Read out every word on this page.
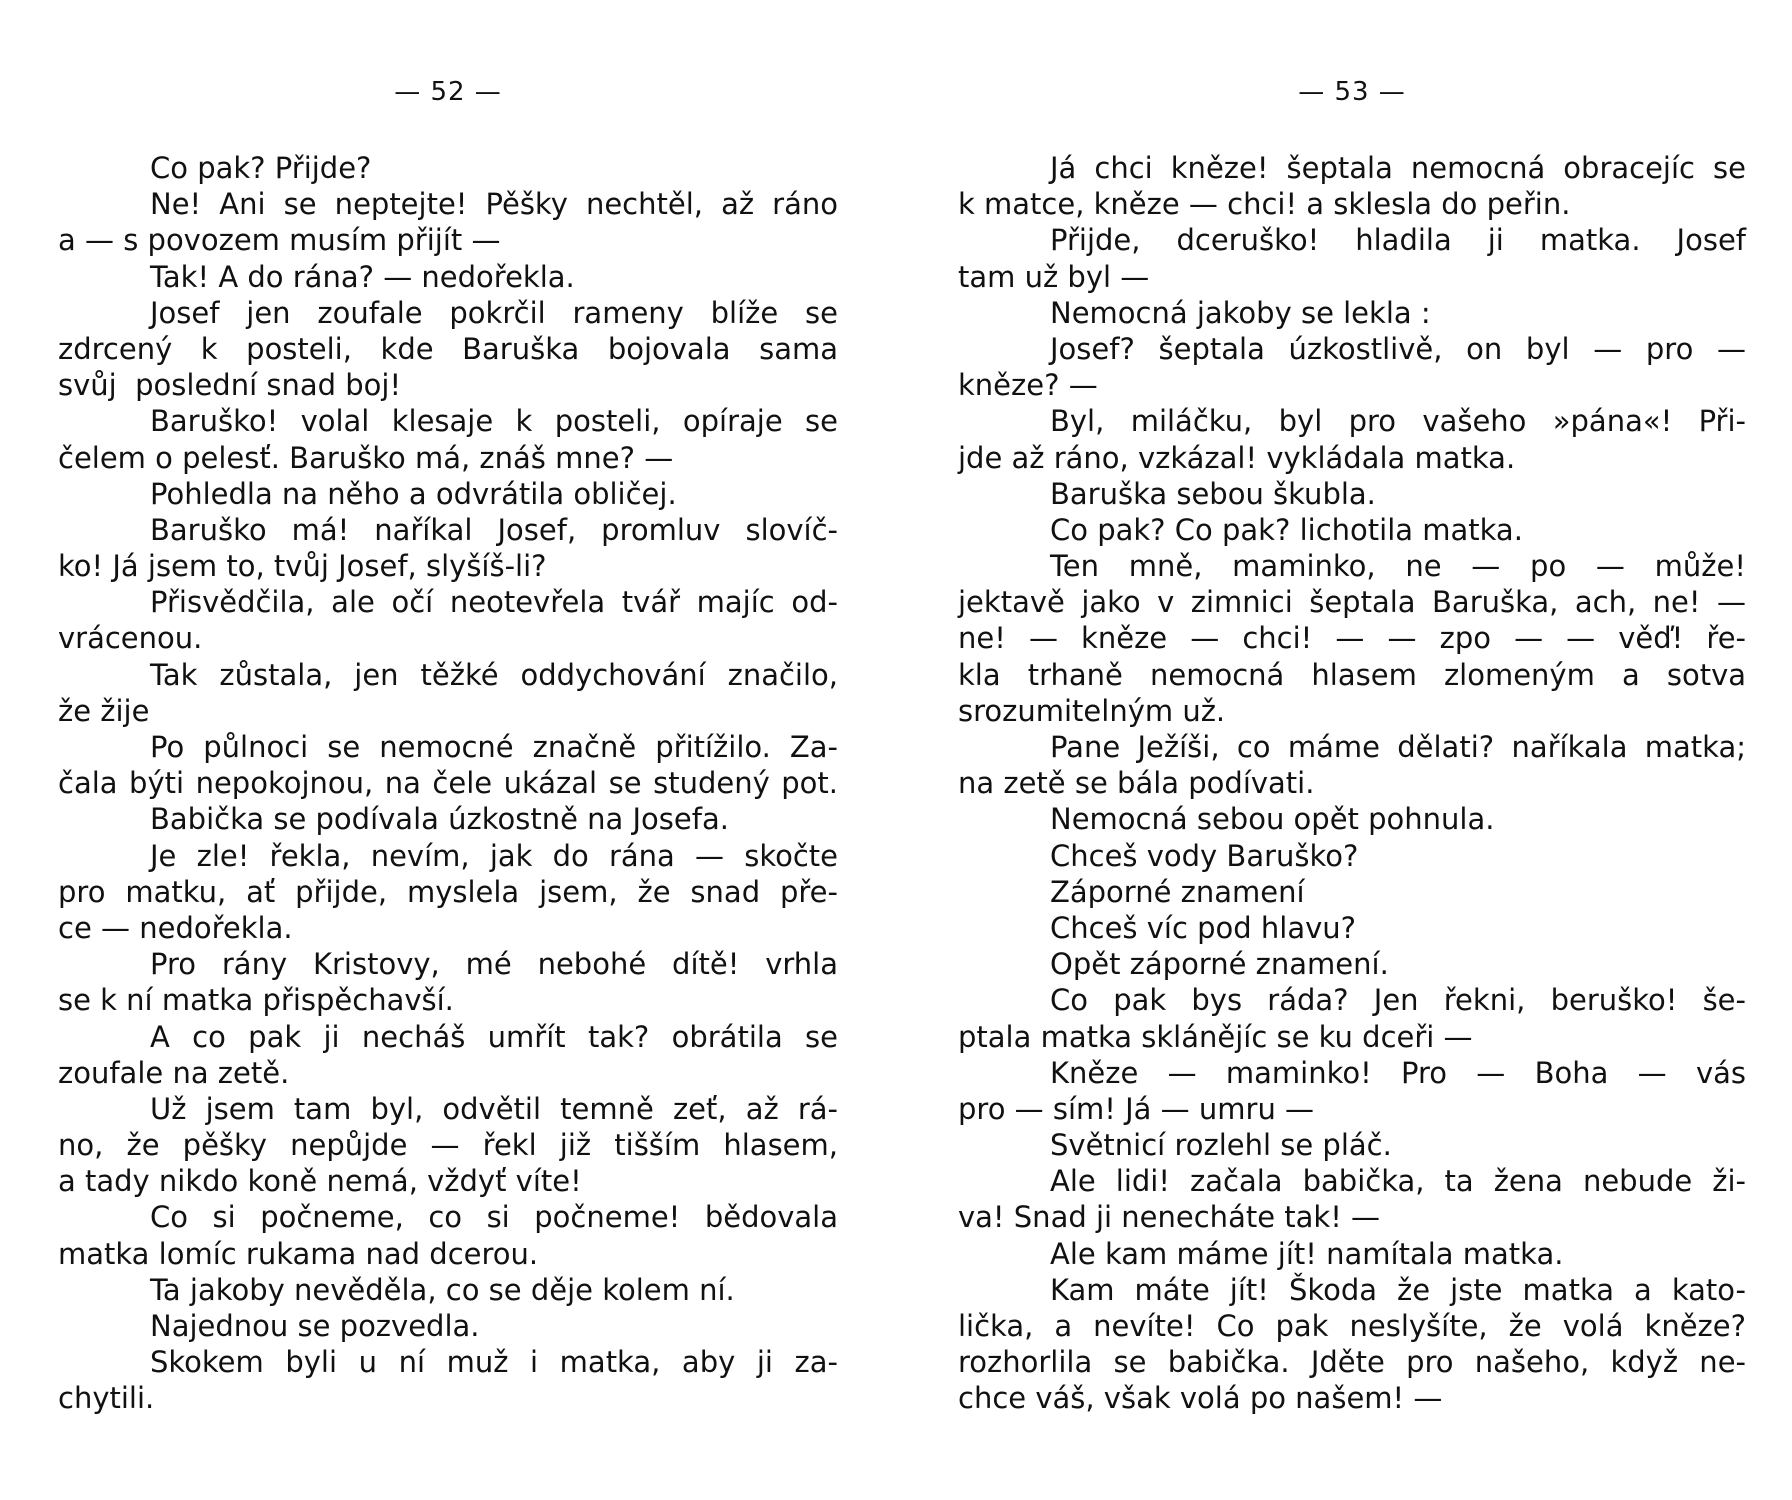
— 52 —
Co pak? Přijde?
Ne! Ani se neptejte! Pěšky nechtěl, až ráno
a — s povozem musím přijít —
Tak! A do rána? — nedořekla.
Josef jen zoufale pokrčil rameny blíže se
zdrcený k posteli, kde Baruška bojovala sama
svůj  poslední snad boj!
Baruško! volal klesaje k posteli, opíraje se
čelem o pelesť. Baruško má, znáš mne? —
Pohledla na něho a odvrátila obličej.
Baruško má! naříkal Josef, promluv slovíč-
ko! Já jsem to, tvůj Josef, slyšíš-li?
Přisvědčila, ale očí neotevřela tvář majíc od-
vrácenou.
Tak zůstala, jen těžké oddychování značilo,
že žije
Po půlnoci se nemocné značně přitížilo. Za-
čala býti nepokojnou, na čele ukázal se studený pot.
Babička se podívala úzkostně na Josefa.
Je zle! řekla, nevím, jak do rána — skočte
pro matku, ať přijde, myslela jsem, že snad pře-
ce — nedořekla.
Pro rány Kristovy, mé nebohé dítě! vrhla
se k ní matka přispěchavší.
A co pak ji necháš umřít tak? obrátila se
zoufale na zetě.
Už jsem tam byl, odvětil temně zeť, až rá-
no, že pěšky nepůjde — řekl již tišším hlasem,
a tady nikdo koně nemá, vždyť víte!
Co si počneme, co si počneme! bědovala
matka lomíc rukama nad dcerou.
Ta jakoby nevěděla, co se děje kolem ní.
Najednou se pozvedla.
Skokem byli u ní muž i matka, aby ji za-
chytili.
— 53 —
Já chci kněze! šeptala nemocná obracejíc se
k matce, kněze — chci! a sklesla do peřin.
Přijde, dceruško! hladila ji matka. Josef
tam už byl —
Nemocná jakoby se lekla :
Josef? šeptala úzkostlivě, on byl — pro —
kněze? —
Byl, miláčku, byl pro vašeho »pána«! Při-
jde až ráno, vzkázal! vykládala matka.
Baruška sebou škubla.
Co pak? Co pak? lichotila matka.
Ten mně, maminko, ne — po — může!
jektavě jako v zimnici šeptala Baruška, ach, ne! —
ne! — kněze — chci! — — zpo — — věď! ře-
kla trhaně nemocná hlasem zlomeným a sotva
srozumitelným už.
Pane Ježíši, co máme dělati? naříkala matka;
na zetě se bála podívati.
Nemocná sebou opět pohnula.
Chceš vody Baruško?
Záporné znamení
Chceš víc pod hlavu?
Opět záporné znamení.
Co pak bys ráda? Jen řekni, beruško! še-
ptala matka sklánějíc se ku dceři —
Kněze — maminko! Pro — Boha — vás
pro — sím! Já — umru —
Světnicí rozlehl se pláč.
Ale lidi! začala babička, ta žena nebude ži-
va! Snad ji nenecháte tak! —
Ale kam máme jít! namítala matka.
Kam máte jít! Škoda že jste matka a kato-
lička, a nevíte! Co pak neslyšíte, že volá kněze?
rozhorlila se babička. Jděte pro našeho, když ne-
chce váš, však volá po našem! —
